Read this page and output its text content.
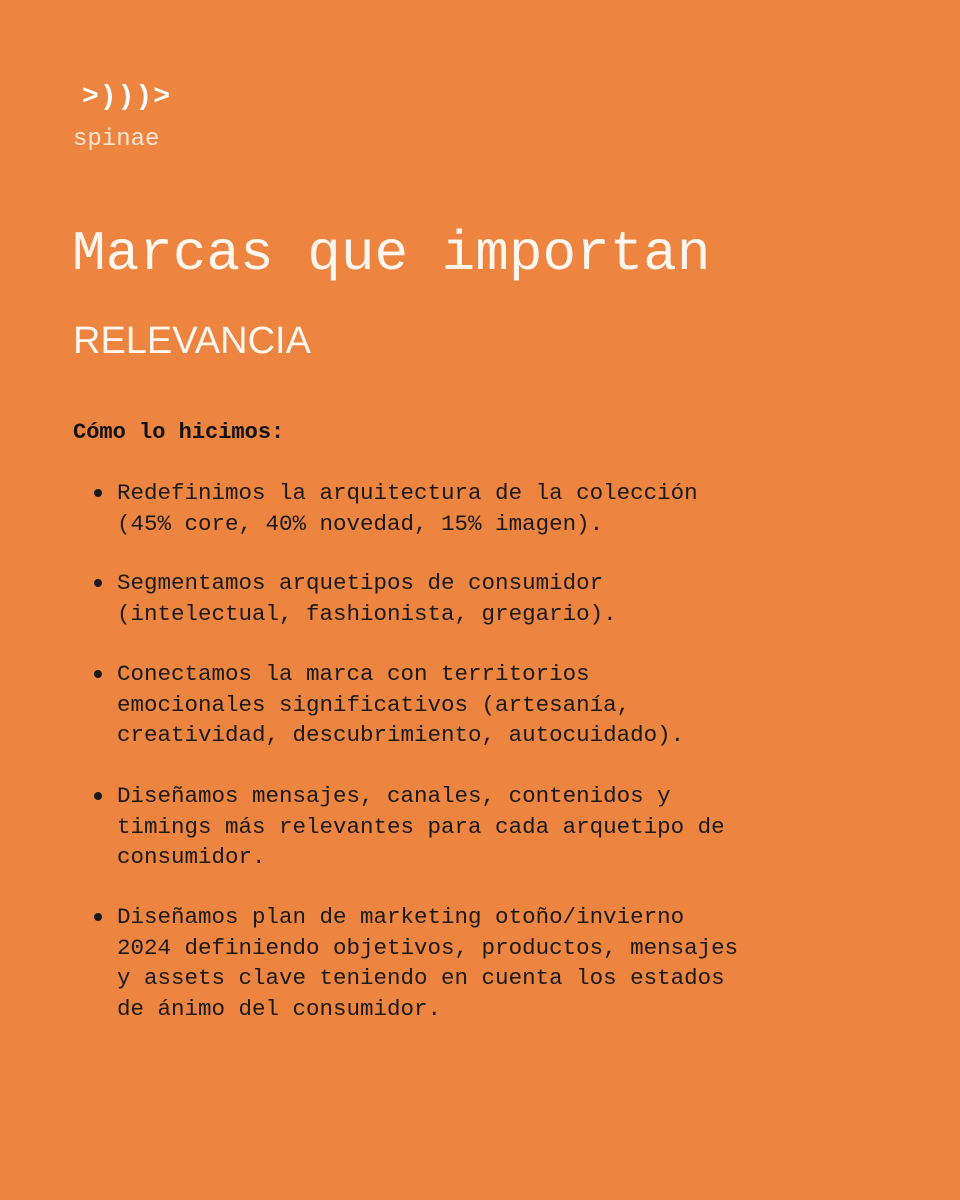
>)))>
spinae
Marcas que importan
RELEVANCIA
Cómo lo hicimos:
Redefinimos la arquitectura de la colección
(45% core, 40% novedad, 15% imagen).
Segmentamos arquetipos de consumidor
(intelectual, fashionista, gregario).
Conectamos la marca con territorios
emocionales significativos (artesanía,
creatividad, descubrimiento, autocuidado).
Diseñamos mensajes, canales, contenidos y
timings más relevantes para cada arquetipo de
consumidor.
Diseñamos plan de marketing otoño/invierno
2024 definiendo objetivos, productos, mensajes
y assets clave teniendo en cuenta los estados
de ánimo del consumidor.
